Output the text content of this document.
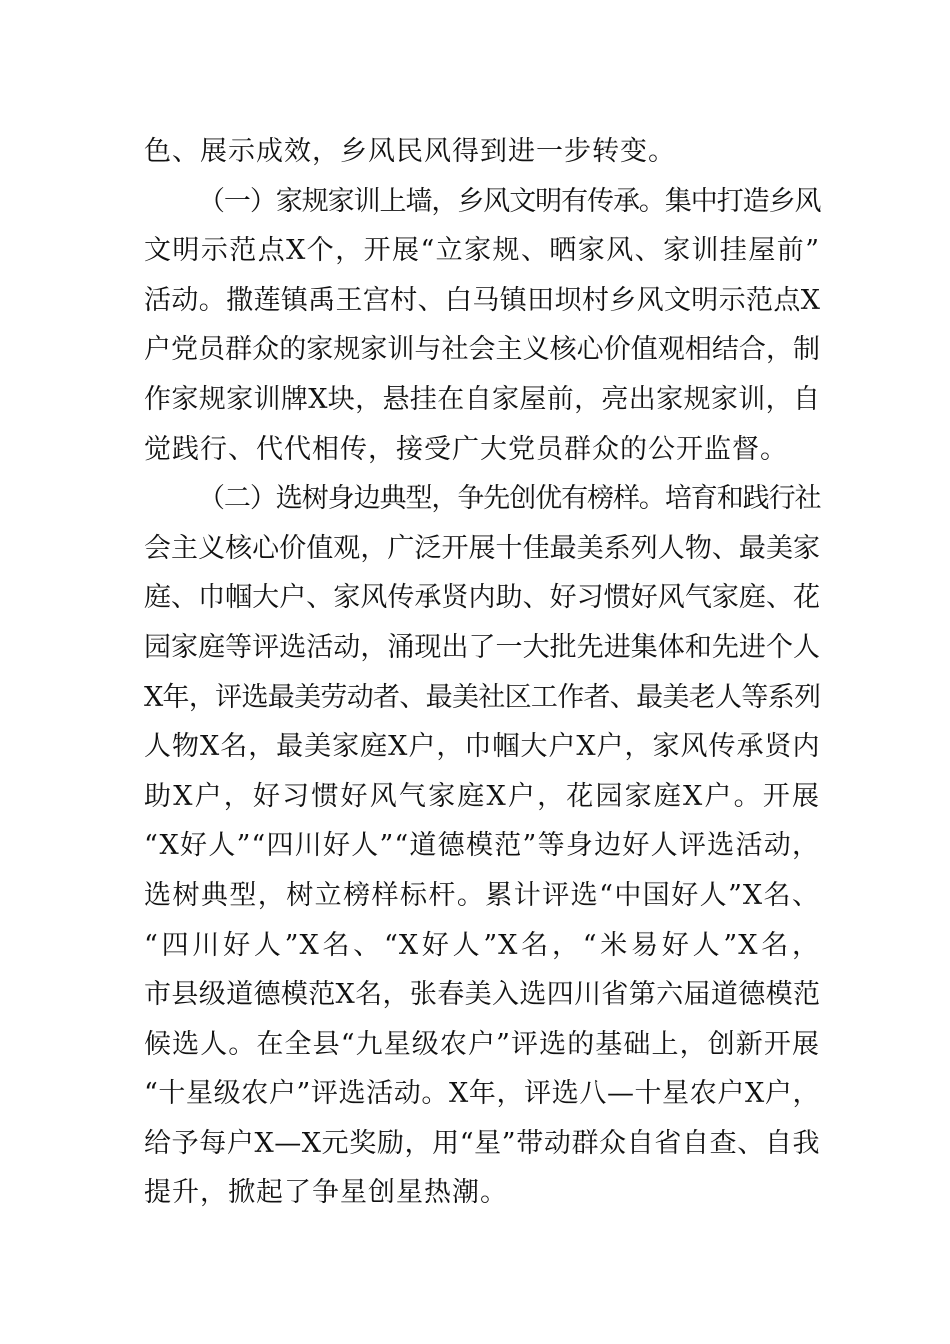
色、展示成效，乡风民风得到进一步转变。
（一）家规家训上墙，乡风文明有传承。集中打造乡风
文明示范点X个，开展“立家规、晒家风、家训挂屋前”
活动。撒莲镇禹王宫村、白马镇田坝村乡风文明示范点X
户党员群众的家规家训与社会主义核心价值观相结合，制
作家规家训牌X块，悬挂在自家屋前，亮出家规家训，自
觉践行、代代相传，接受广大党员群众的公开监督。
（二）选树身边典型，争先创优有榜样。培育和践行社
会主义核心价值观，广泛开展十佳最美系列人物、最美家
庭、巾帼大户、家风传承贤内助、好习惯好风气家庭、花
园家庭等评选活动，涌现出了一大批先进集体和先进个人
X年，评选最美劳动者、最美社区工作者、最美老人等系列
人物X名，最美家庭X户，巾帼大户X户，家风传承贤内
助X户，好习惯好风气家庭X户，花园家庭X户。开展
“X好人”“四川好人”“道德模范”等身边好人评选活动，
选树典型，树立榜样标杆。累计评选“中国好人”X名、
“四川好人”X名、“X好人”X名，“米易好人”X名，
市县级道德模范X名，张春美入选四川省第六届道德模范
候选人。在全县“九星级农户”评选的基础上，创新开展
“十星级农户”评选活动。X年，评选八—十星农户X户，
给予每户X—X元奖励，用“星”带动群众自省自查、自我
提升，掀起了争星创星热潮。
